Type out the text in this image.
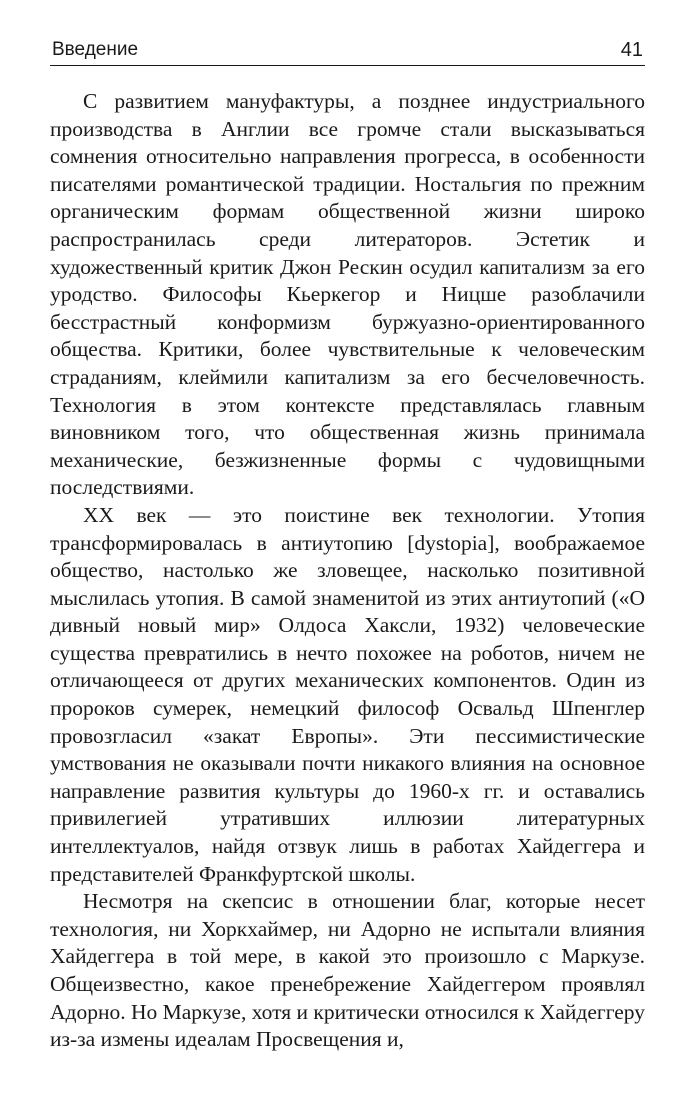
Введение	41

С развитием мануфактуры, а позднее индустриального производства в Англии все громче стали высказываться сомнения относительно направления прогресса, в особенности писателями романтической традиции. Ностальгия по прежним органическим формам общественной жизни широко распространилась среди литераторов. Эстетик и художественный критик Джон Рескин осудил капитализм за его уродство. Философы Кьеркегор и Ницше разоблачили бесстрастный конформизм буржуазно-ориентированного общества. Критики, более чувствительные к человеческим страданиям, клеймили капитализм за его бесчеловечность. Технология в этом контексте представлялась главным виновником того, что общественная жизнь принимала механические, безжизненные формы с чудовищными последствиями.

XX век — это поистине век технологии. Утопия трансформировалась в антиутопию [dystopia], воображаемое общество, настолько же зловещее, насколько позитивной мыслилась утопия. В самой знаменитой из этих антиутопий («О дивный новый мир» Олдоса Хаксли, 1932) человеческие существа превратились в нечто похожее на роботов, ничем не отличающееся от других механических компонентов. Один из пророков сумерек, немецкий философ Освальд Шпенглер провозгласил «закат Европы». Эти пессимистические умствования не оказывали почти никакого влияния на основное направление развития культуры до 1960-х гг. и оставались привилегией утративших иллюзии литературных интеллектуалов, найдя отзвук лишь в работах Хайдеггера и представителей Франкфуртской школы.

Несмотря на скепсис в отношении благ, которые несет технология, ни Хоркхаймер, ни Адорно не испытали влияния Хайдеггера в той мере, в какой это произошло с Маркузе. Общеизвестно, какое пренебрежение Хайдеггером проявлял Адорно. Но Маркузе, хотя и критически относился к Хайдеггеру из-за измены идеалам Просвещения и,
